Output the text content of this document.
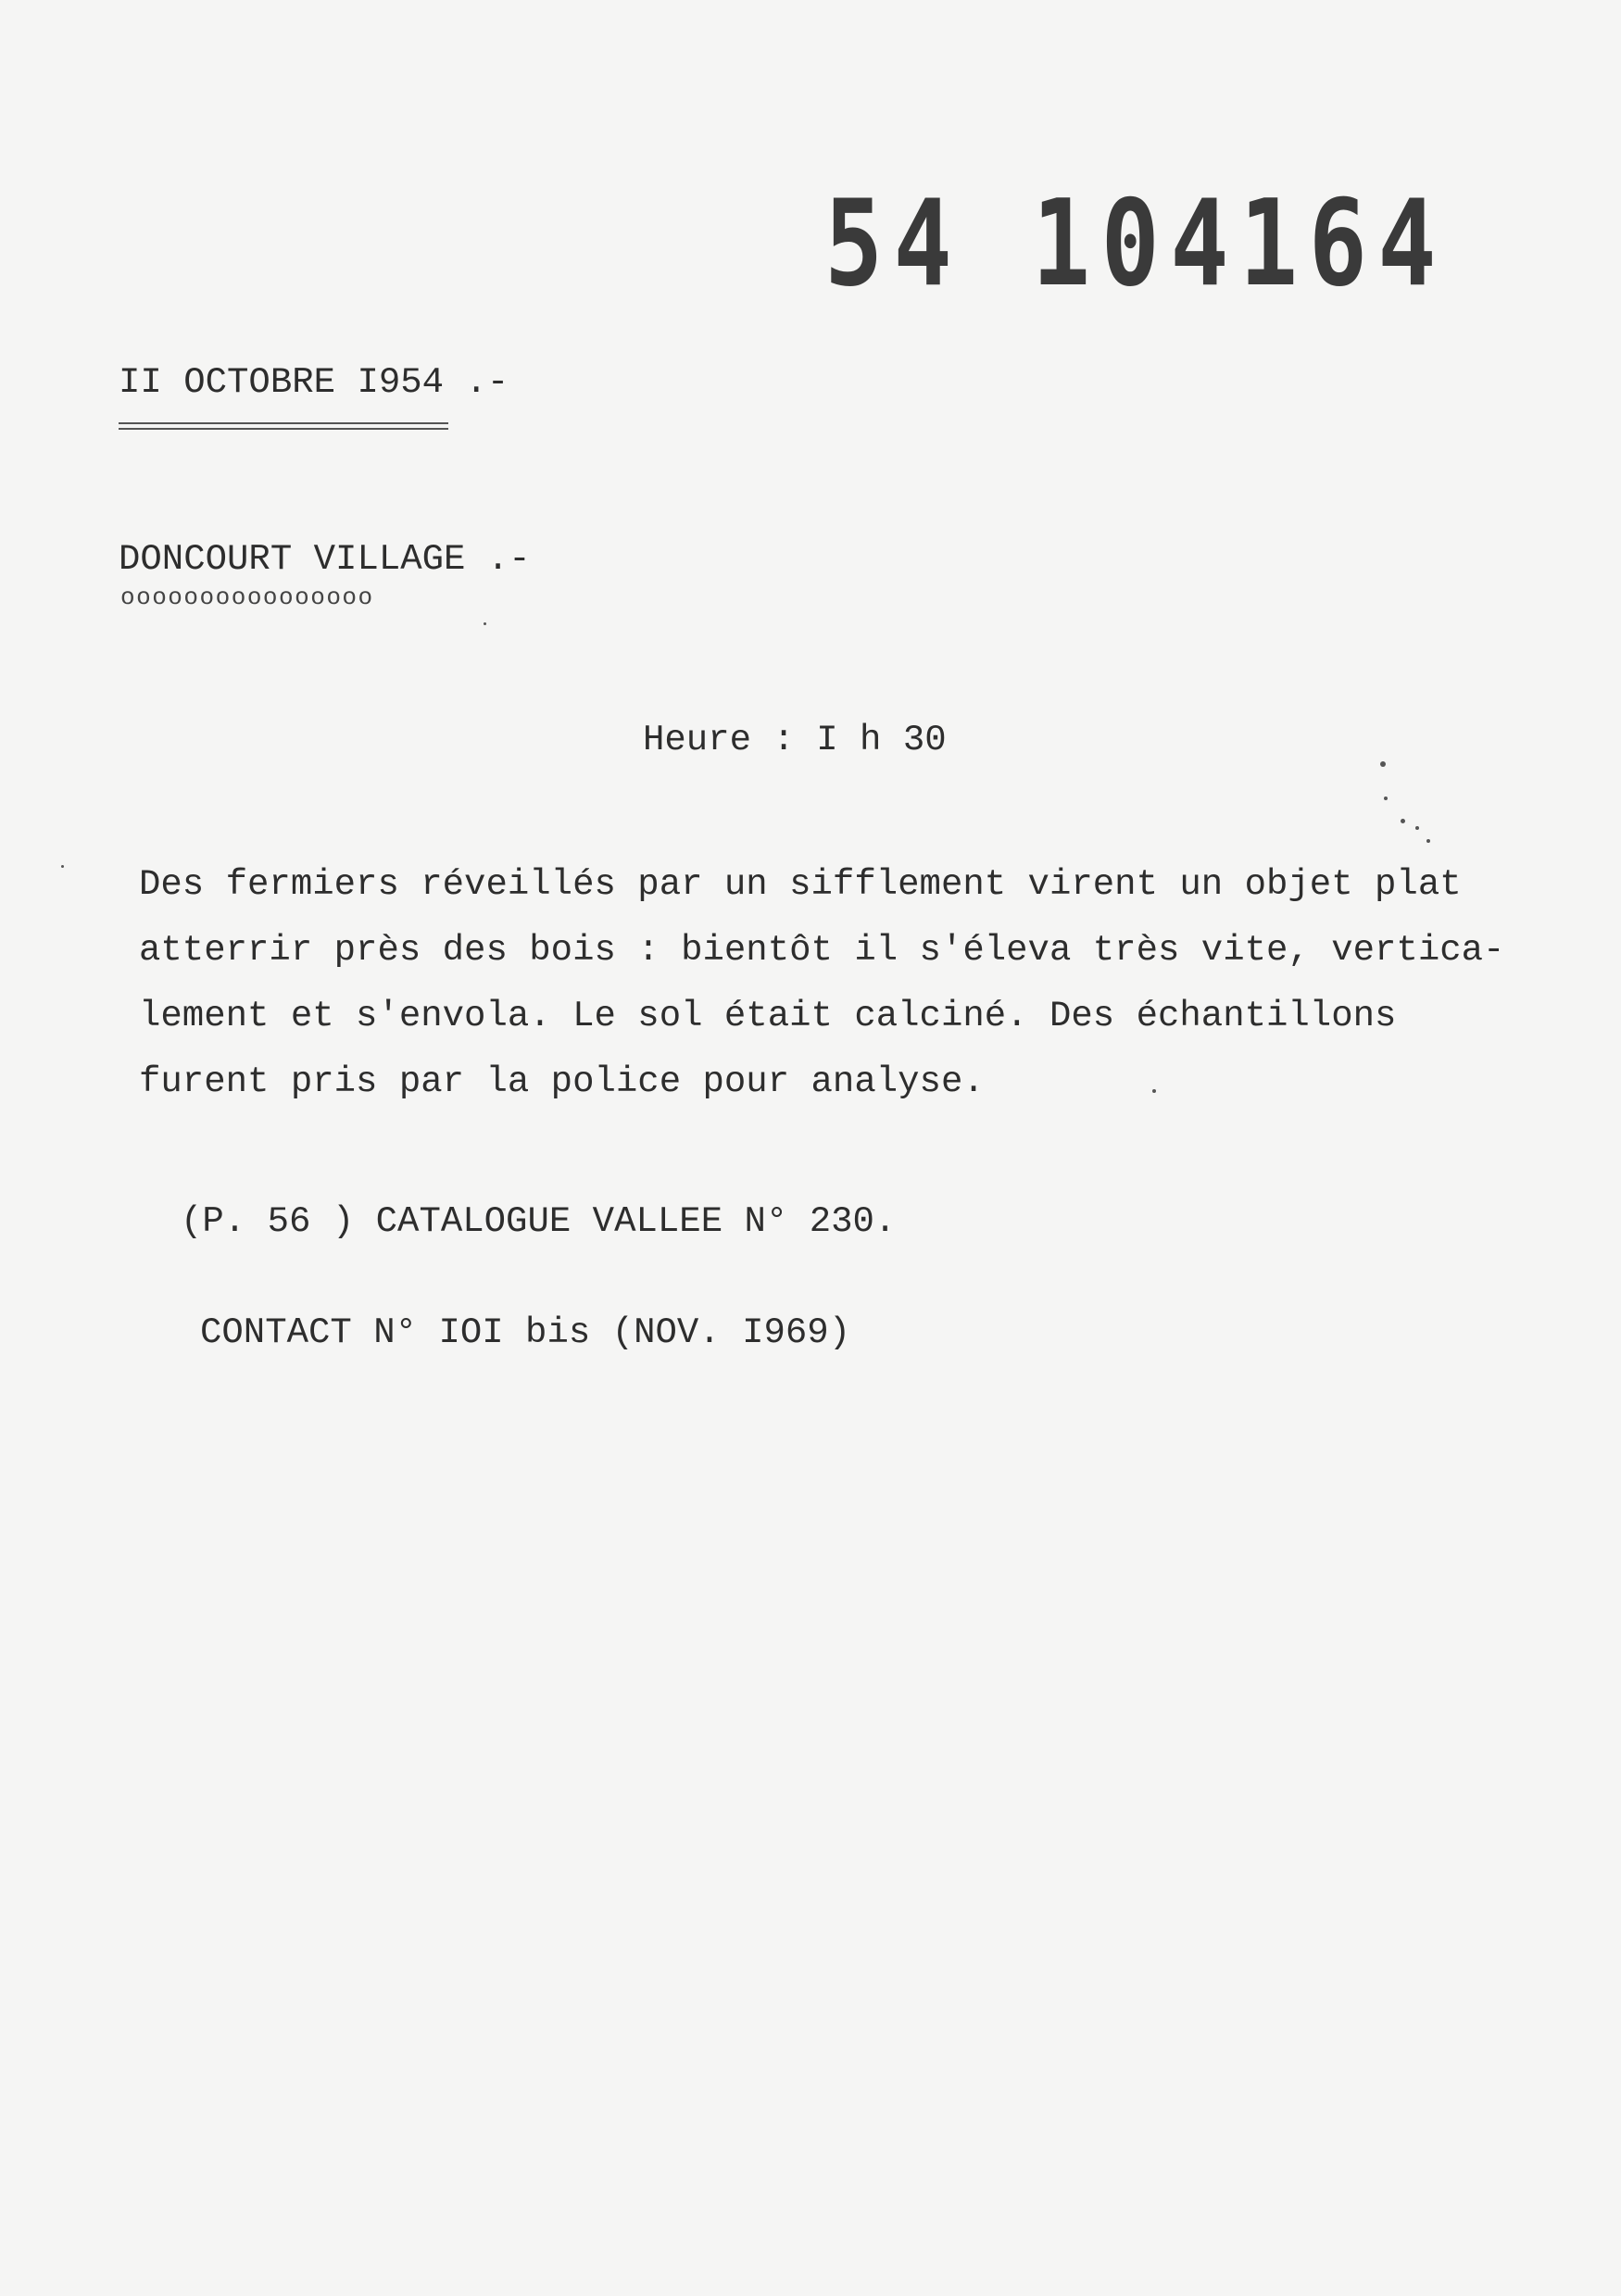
54 104164
II OCTOBRE I954 .-
DONCOURT VILLAGE .-
oooooooooooooooo
Heure : I h 30
Des fermiers réveillés par un sifflement virent un objet plat
atterrir près des bois : bientôt il s'éleva très vite, vertica-
lement et s'envola. Le sol était calciné. Des échantillons
furent pris par la police pour analyse.
(P. 56 ) CATALOGUE VALLEE N° 230.
CONTACT N° IOI bis (NOV. I969)
